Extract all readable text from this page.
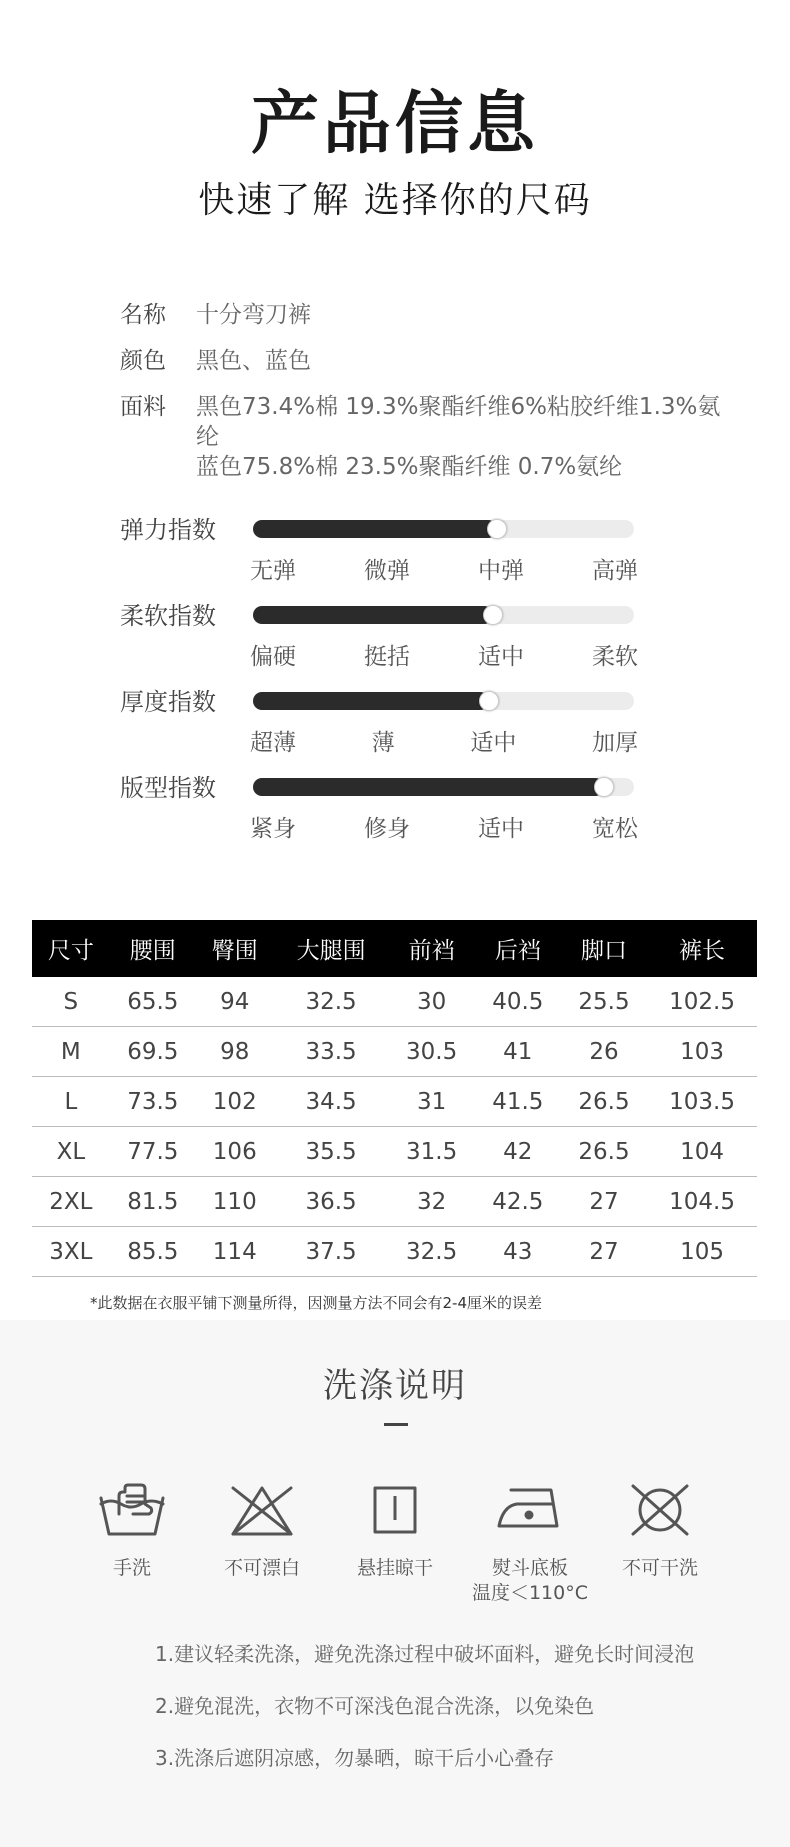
产品信息
快速了解 选择你的尺码
名称	十分弯刀裤
颜色	黑色、蓝色
面料	黑色73.4%棉 19.3%聚酯纤维6%粘胶纤维1.3%氨纶
蓝色75.8%棉 23.5%聚酯纤维 0.7%氨纶
弹力指数
无弹	微弹	中弹	高弹
柔软指数
偏硬	挺括	适中	柔软
厚度指数
超薄	薄	适中	加厚
版型指数
紧身	修身	适中	宽松
尺寸	腰围	臀围	大腿围	前裆	后裆	脚口	裤长
S	65.5	94	32.5	30	40.5	25.5	102.5
M	69.5	98	33.5	30.5	41	26	103
L	73.5	102	34.5	31	41.5	26.5	103.5
XL	77.5	106	35.5	31.5	42	26.5	104
2XL	81.5	110	36.5	32	42.5	27	104.5
3XL	85.5	114	37.5	32.5	43	27	105
*此数据在衣服平铺下测量所得，因测量方法不同会有2-4厘米的误差
洗涤说明
手洗	不可漂白	悬挂晾干	熨斗底板
温度＜110°C
不可干洗
1.建议轻柔洗涤，避免洗涤过程中破坏面料，避免长时间浸泡
2.避免混洗，衣物不可深浅色混合洗涤，以免染色
3.洗涤后遮阴凉感，勿暴晒，晾干后小心叠存
